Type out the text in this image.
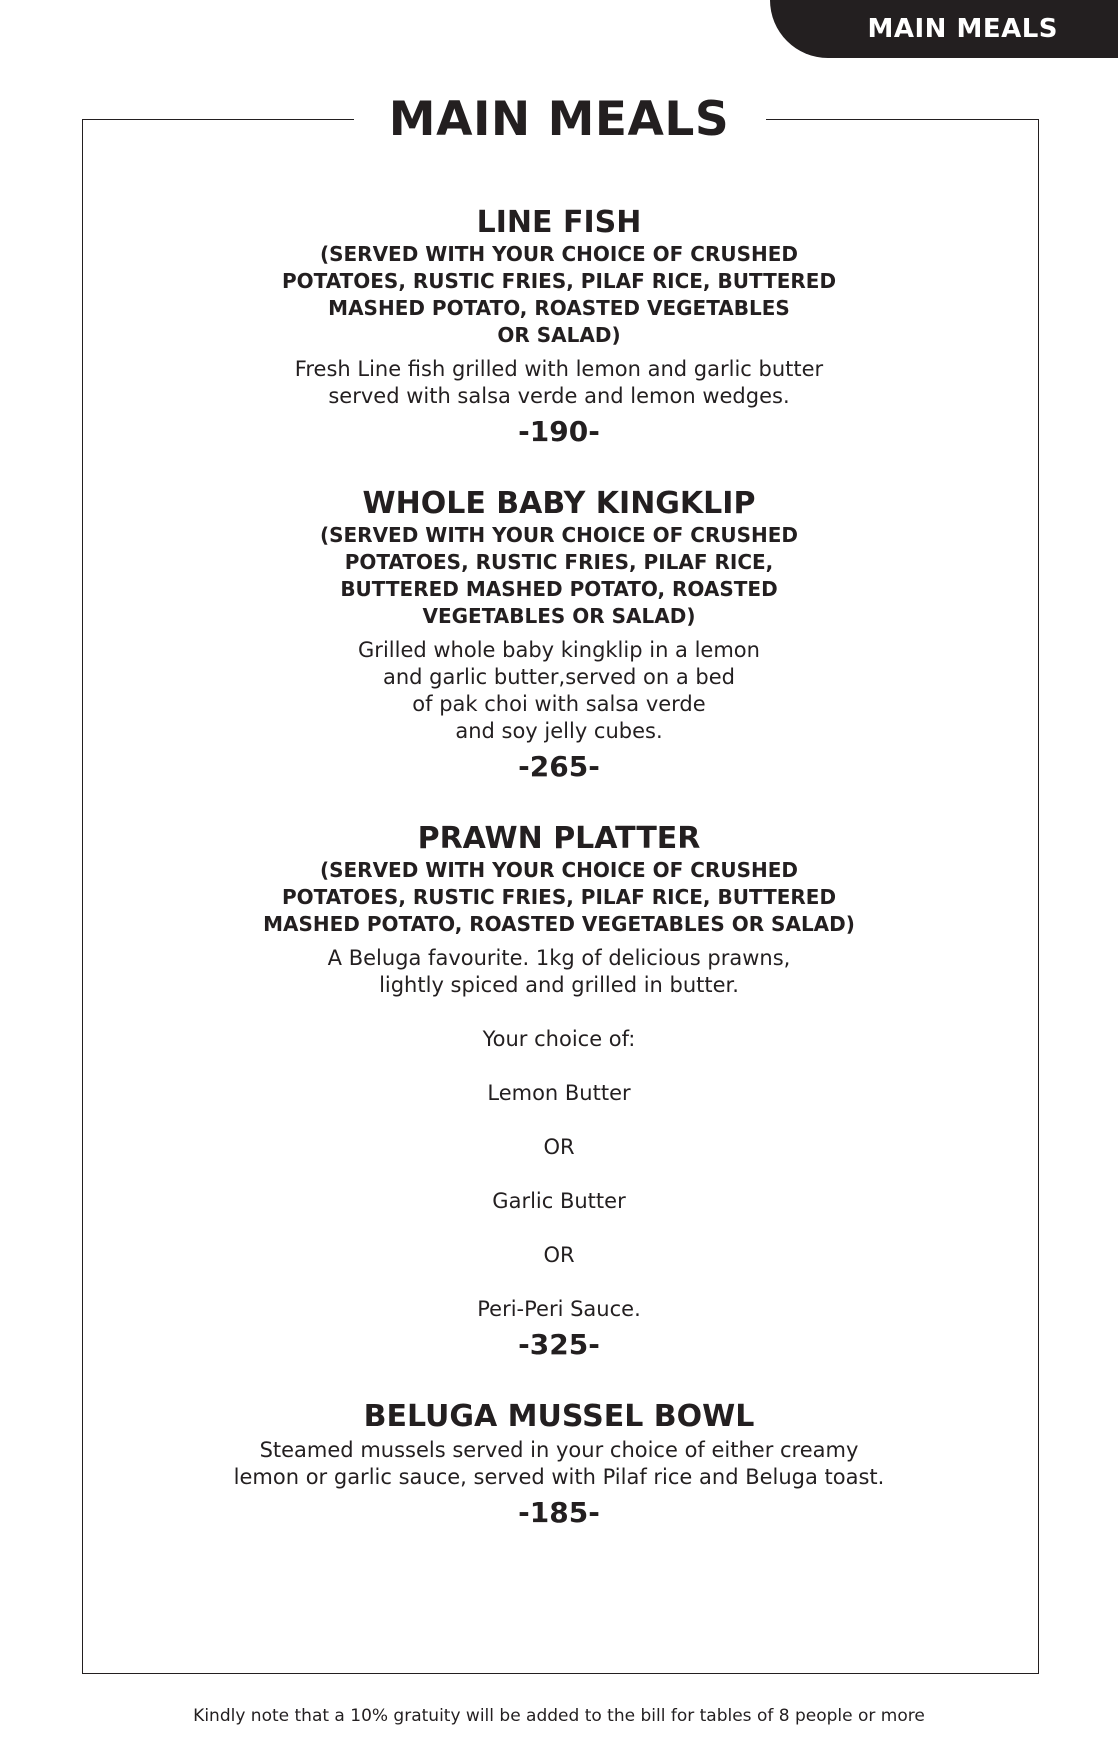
MAIN MEALS
MAIN MEALS
LINE FISH
(SERVED WITH YOUR CHOICE OF CRUSHED
POTATOES, RUSTIC FRIES, PILAF RICE, BUTTERED
MASHED POTATO, ROASTED VEGETABLES
OR SALAD)
Fresh Line fish grilled with lemon and garlic butter
served with salsa verde and lemon wedges.
-190-
WHOLE BABY KINGKLIP
(SERVED WITH YOUR CHOICE OF CRUSHED
POTATOES, RUSTIC FRIES, PILAF RICE,
BUTTERED MASHED POTATO, ROASTED
VEGETABLES OR SALAD)
Grilled whole baby kingklip in a lemon
and garlic butter,served on a bed
of pak choi with salsa verde
and soy jelly cubes.
-265-
PRAWN PLATTER
(SERVED WITH YOUR CHOICE OF CRUSHED
POTATOES, RUSTIC FRIES, PILAF RICE, BUTTERED
MASHED POTATO, ROASTED VEGETABLES OR SALAD)
A Beluga favourite. 1kg of delicious prawns,
lightly spiced and grilled in butter.
Your choice of:
Lemon Butter
OR
Garlic Butter
OR
Peri-Peri Sauce.
-325-
BELUGA MUSSEL BOWL
Steamed mussels served in your choice of either creamy
lemon or garlic sauce, served with Pilaf rice and Beluga toast.
-185-
Kindly note that a 10% gratuity will be added to the bill for tables of 8 people or more
